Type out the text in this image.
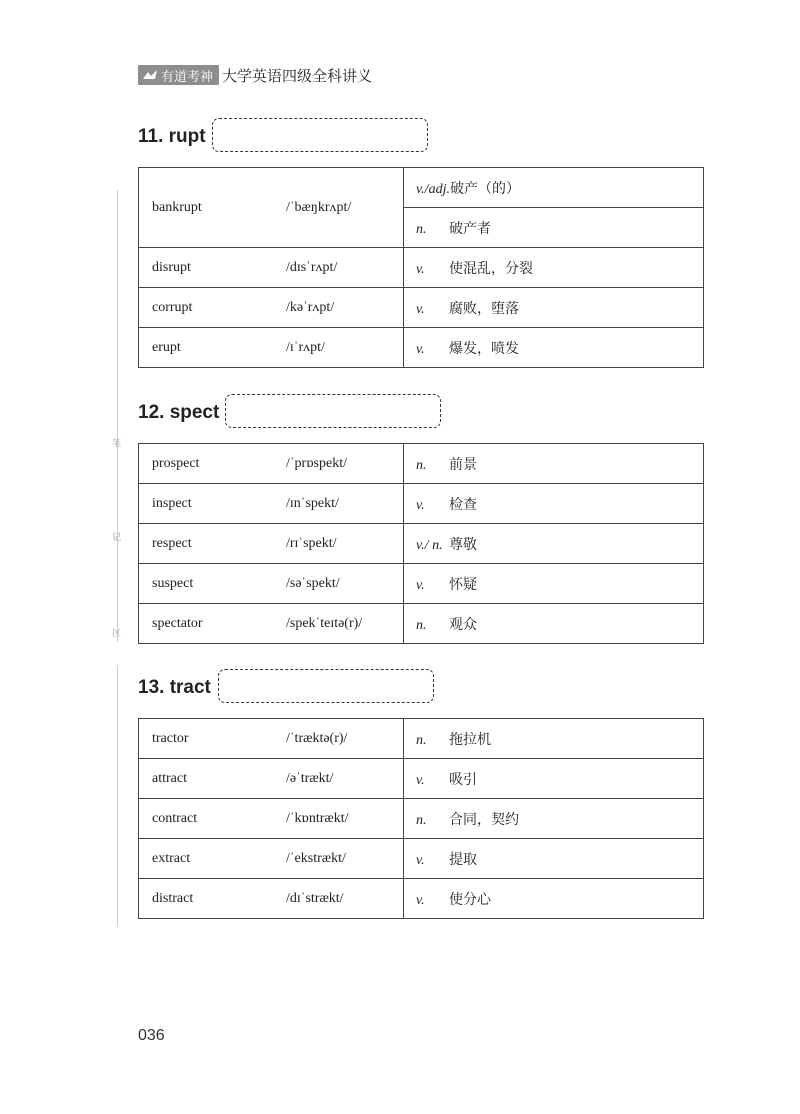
有道考神 大学英语四级全科讲义
笔
记
区
11. rupt
bankrupt /ˈbæŋkrʌpt/	v./adj.破产（的）
	n. 破产者

disrupt /dɪsˈrʌpt/	v. 使混乱，分裂

corrupt /kəˈrʌpt/	v. 腐败，堕落

erupt /ɪˈrʌpt/	v. 爆发，喷发
12. spect
prospect /ˈprɒspekt/	n. 前景

inspect /ɪnˈspekt/	v. 检查

respect /rɪˈspekt/	v./ n. 尊敬

suspect /səˈspekt/	v. 怀疑

spectator /spekˈteɪtə(r)/	n. 观众
13. tract
tractor /ˈtræktə(r)/	n. 拖拉机

attract /əˈtrækt/	v. 吸引

contract /ˈkɒntrækt/	n. 合同，契约

extract /ˈekstrækt/	v. 提取

distract /dɪˈstrækt/	v. 使分心
036
